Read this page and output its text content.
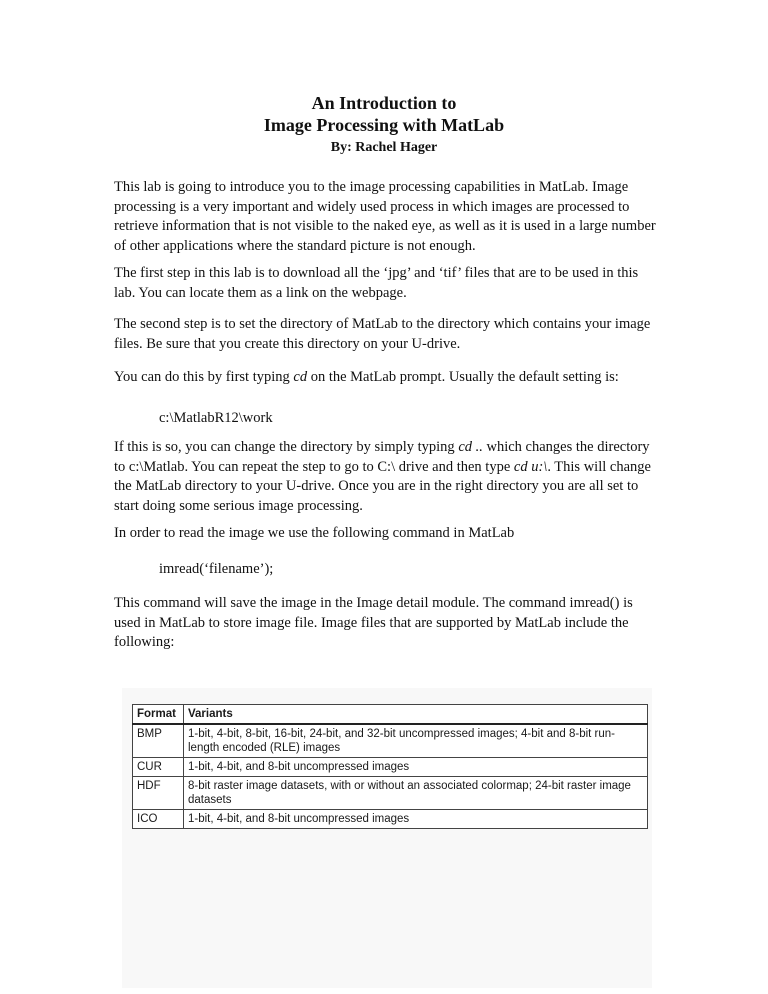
An Introduction to

Image Processing with MatLab

By: Rachel Hager

This lab is going to introduce you to the image processing capabilities in MatLab. Image processing is a very important and widely used process in which images are processed to retrieve information that is not visible to the naked eye, as well as it is used in a large number of other applications where the standard picture is not enough.

The first step in this lab is to download all the ‘jpg’ and ‘tif’ files that are to be used in this lab. You can locate them as a link on the webpage.

The second step is to set the directory of MatLab to the directory which contains your image files. Be sure that you create this directory on your U-drive.

You can do this by first typing cd on the MatLab prompt. Usually the default setting is:

c:\MatlabR12\work

If this is so, you can change the directory by simply typing cd .. which changes the directory to c:\Matlab. You can repeat the step to go to C:\ drive and then type cd u:\. This will change the MatLab directory to your U-drive. Once you are in the right directory you are all set to start doing some serious image processing.

In order to read the image we use the following command in MatLab

imread(‘filename’);

This command will save the image in the Image detail module. The command imread() is used in MatLab to store image file. Image files that are supported by MatLab include the following:

Format	Variants
BMP	1-bit, 4-bit, 8-bit, 16-bit, 24-bit, and 32-bit uncompressed images; 4-bit and 8-bit run-length encoded (RLE) images
CUR	1-bit, 4-bit, and 8-bit uncompressed images
HDF	8-bit raster image datasets, with or without an associated colormap; 24-bit raster image datasets
ICO	1-bit, 4-bit, and 8-bit uncompressed images
